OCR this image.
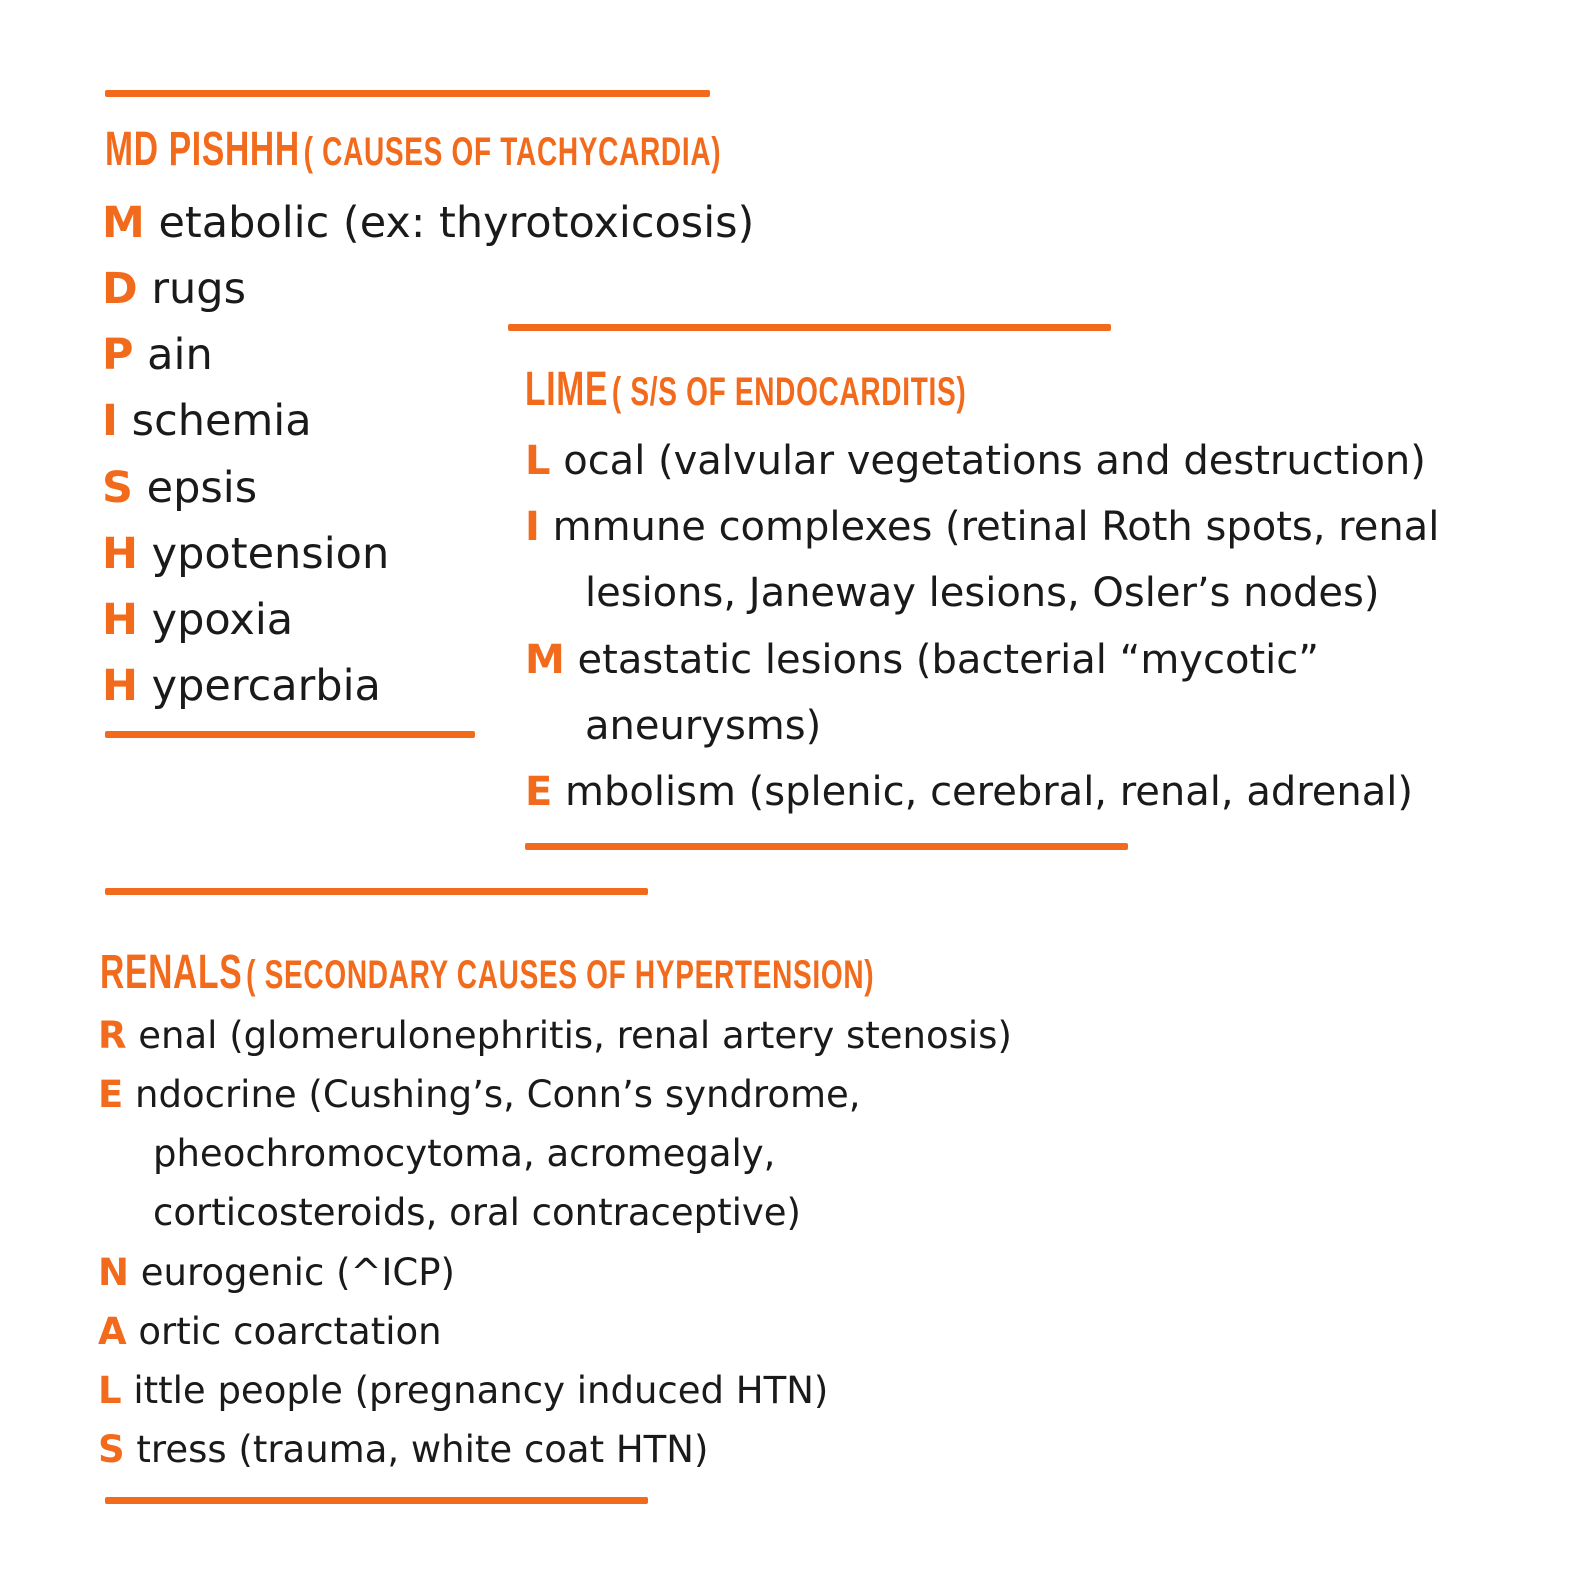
MD PISHHH ( CAUSES OF TACHYCARDIA)
M etabolic (ex: thyrotoxicosis)
D rugs
P ain
I schemia
S epsis
H ypotension
H ypoxia
H ypercarbia
LIME ( S/S OF ENDOCARDITIS)
L ocal (valvular vegetations and destruction)
I mmune complexes (retinal Roth spots, renal
lesions, Janeway lesions, Osler’s nodes)
M etastatic lesions (bacterial “mycotic”
aneurysms)
E mbolism (splenic, cerebral, renal, adrenal)
RENALS ( SECONDARY CAUSES OF HYPERTENSION)
R enal (glomerulonephritis, renal artery stenosis)
E ndocrine (Cushing’s, Conn’s syndrome,
pheochromocytoma, acromegaly,
corticosteroids, oral contraceptive)
N eurogenic (^ICP)
A ortic coarctation
L ittle people (pregnancy induced HTN)
S tress (trauma, white coat HTN)
